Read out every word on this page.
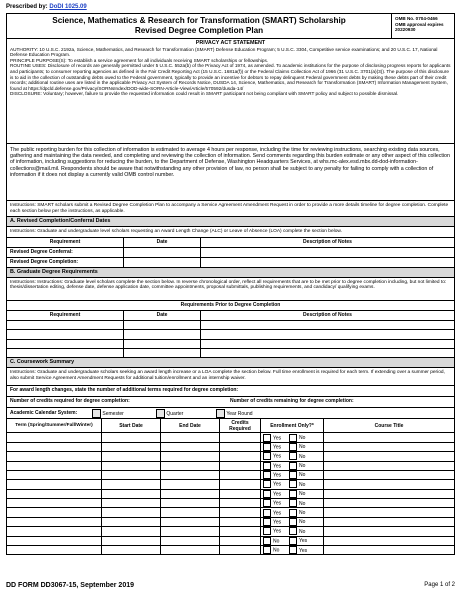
Prescribed by: DoDI 1025.09
Science, Mathematics & Research for Transformation (SMART) Scholarship
Revised Degree Completion Plan
OMB No. 0704-0466
OMB approval expires
20220930
PRIVACY ACT STATEMENT
AUTHORITY: 10 U.S.C. 2192a, Science, Mathematics, and Research for Transformation (SMART) Defense Education Program; 5 U.S.C. 3304, Competitive service examinations; and 20 U.S.C. 17, National Defense Education Program.
PRINCIPLE PURPOSE(S): To establish a service agreement for all individuals receiving SMART scholarships or fellowships.
ROUTINE USES: Disclosure of records are generally permitted under 5 U.S.C. 552a(b) of the Privacy Act of 1974, as amended. To academic institutions for the purpose of disclosing progress reports for applicants and participants; to consumer reporting agencies as defined in the Fair Credit Reporting Act (15 U.S.C. 1681a(f)) or the Federal Claims Collection Act of 1966 (31 U.S.C. 3701(a)(3)). The purpose of this disclosure is to aid in the collection of outstanding debts owed to the Federal government, typically to provide an incentive for debtors to repay delinquent Federal government debts by making these debts part of their credit records; additional routine uses are listed in the applicable Privacy Act System of Records Notice, DUSDA 14, Science, Mathematics, and Research for Transformation (SMART) Information Management System, found at https://dpcld.defense.gov/Privacy/SORNsIndex/DOD-wide-SORN-Article-View/Article/570592/dusda-14/
DISCLOSURE: Voluntary; however, failure to provide the requested information could result in SMART participant not being compliant with SMART policy and subject to possible dismissal.
The public reporting burden for this collection of information is estimated to average 4 hours per response, including the time for reviewing instructions, searching existing data sources, gathering and maintaining the data needed, and completing and reviewing the collection of information. Send comments regarding this burden estimate or any other aspect of this collection of information, including suggestions for reducing the burden, to the Department of Defense, Washington Headquarters Services, at whs.mc-alex.esd.mbx.dd-dod-information-collections@mail.mil. Respondents should be aware that notwithstanding any other provision of law, no person shall be subject to any penalty for failing to comply with a collection of information if it does not display a currently valid OMB control number.
Instructions: SMART scholars submit a Revised Degree Completion Plan to accompany a Service Agreement Amendment Request in order to provide a more details timeline for degree completion. Complete each section below per the instructions, as applicable.
A. Revised Completion/Conferral Dates
Instructions: Graduate and undergraduate level scholars requesting an Award Length Change (ALC) or Leave of Absence (LOA) complete the section below.
Requirement	Date	Description of Notes
Revised Degree Conferral:		
Revised Degree Completion:		
B. Graduate Degree Requirements
Instructions: Instructions: Graduate level scholars complete the section below. In reverse chronological order, reflect all requirements that are to be met prior to degree completion including, but not limited to: thesis/dissertation editing, defense date, defense application date, committee appointments, proposal submittals, publishing requirements, and candidacy/ qualifying exams.
Requirements Prior to Degree Completion		
Requirement	Date	Description of Notes

C. Coursework Summary
Instructions: Graduate and undergraduate scholars seeking an award length increase or a LOA complete the section below. Full time enrollment is required for each term. If extending over a summer period, also submit Service Agreement Amendment Requests for additional tuition/enrollment and an internship waiver.
For award length changes, state the number of additional terms required for degree completion:
Number of credits required for degree completion:	Number of credits remaining for degree completion:
Academic Calendar System:	Semester	Quarter	Year Round
Term (Spring/Summer/Fall/Winter)	Start Date	End Date	Credits Required	Enrollment Only?*	Course Title
				Yes No	
				Yes No	
				Yes No	
				Yes No	
				Yes No	
				Yes No	
				Yes No	
				Yes No	
				Yes No	
				Yes No	
				Yes No	
				No Yes	
				No Yes	
DD FORM DD3067-15, September 2019	Page 1 of 2
